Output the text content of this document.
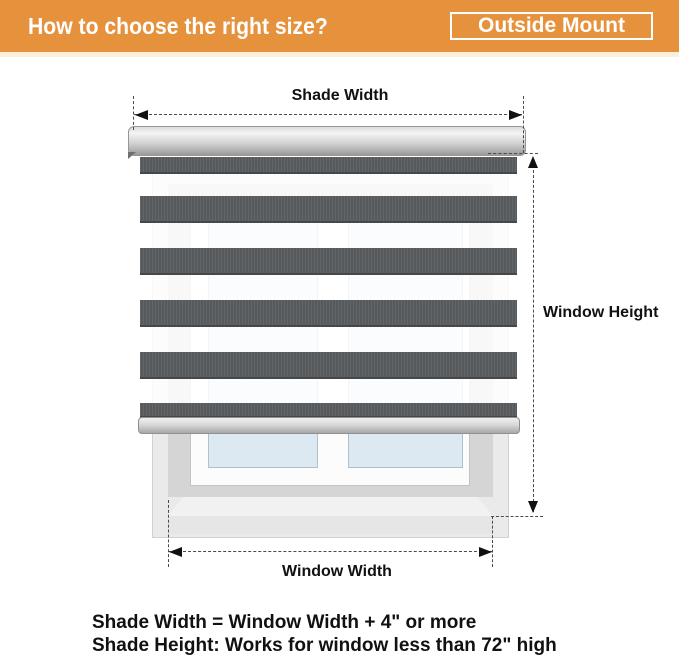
How to choose the right size?	Outside Mount
Shade Width
Window Height
Window Width
Shade Width = Window Width + 4" or more
Shade Height: Works for window less than 72" high
